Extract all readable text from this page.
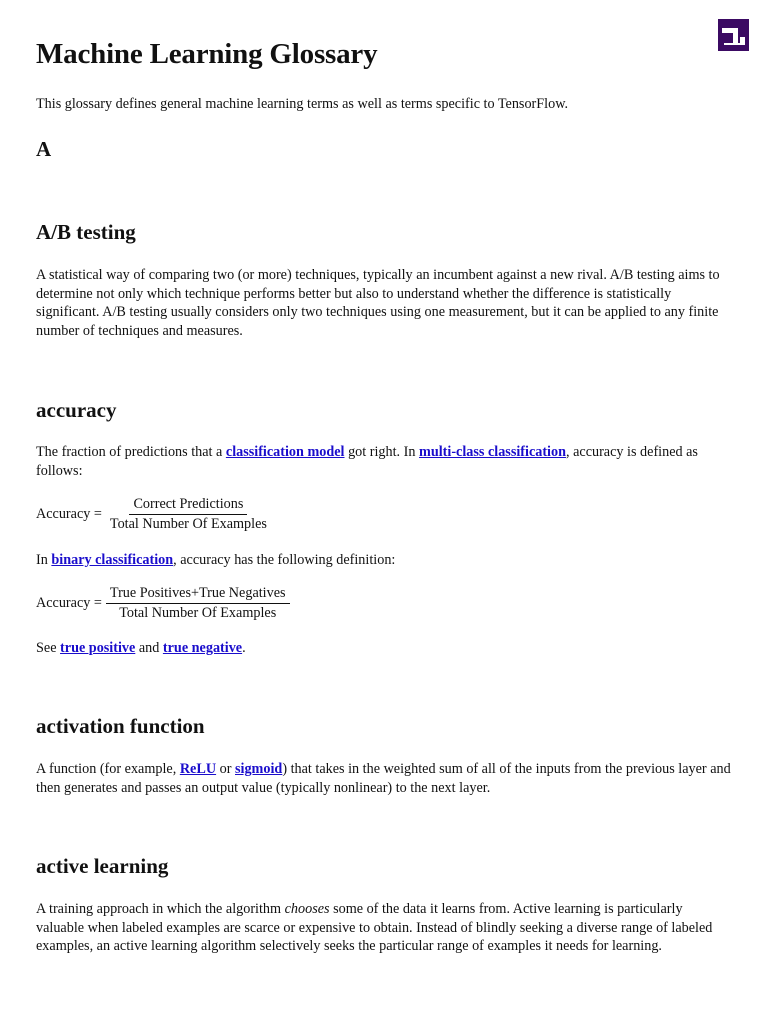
Machine Learning Glossary

This glossary defines general machine learning terms as well as terms specific to TensorFlow.

A
A/B testing

A statistical way of comparing two (or more) techniques, typically an incumbent against a new rival. A/B testing aims to determine not only which technique performs better but also to understand whether the difference is statistically significant. A/B testing usually considers only two techniques using one measurement, but it can be applied to any finite number of techniques and measures.

accuracy

The fraction of predictions that a classification model got right. In multi-class classification, accuracy is defined as follows:

Accuracy = $\frac{\text{Correct Predictions}}{\text{Total Number Of Examples}}$

In binary classification, accuracy has the following definition:

Accuracy = $\frac{\text{True Positives+True Negatives}}{\text{Total Number Of Examples}}$

See true positive and true negative.

activation function

A function (for example, ReLU or sigmoid) that takes in the weighted sum of all of the inputs from the previous layer and then generates and passes an output value (typically nonlinear) to the next layer.

active learning

A training approach in which the algorithm chooses some of the data it learns from. Active learning is particularly valuable when labeled examples are scarce or expensive to obtain. Instead of blindly seeking a diverse range of labeled examples, an active learning algorithm selectively seeks the particular range of examples it needs for learning.
